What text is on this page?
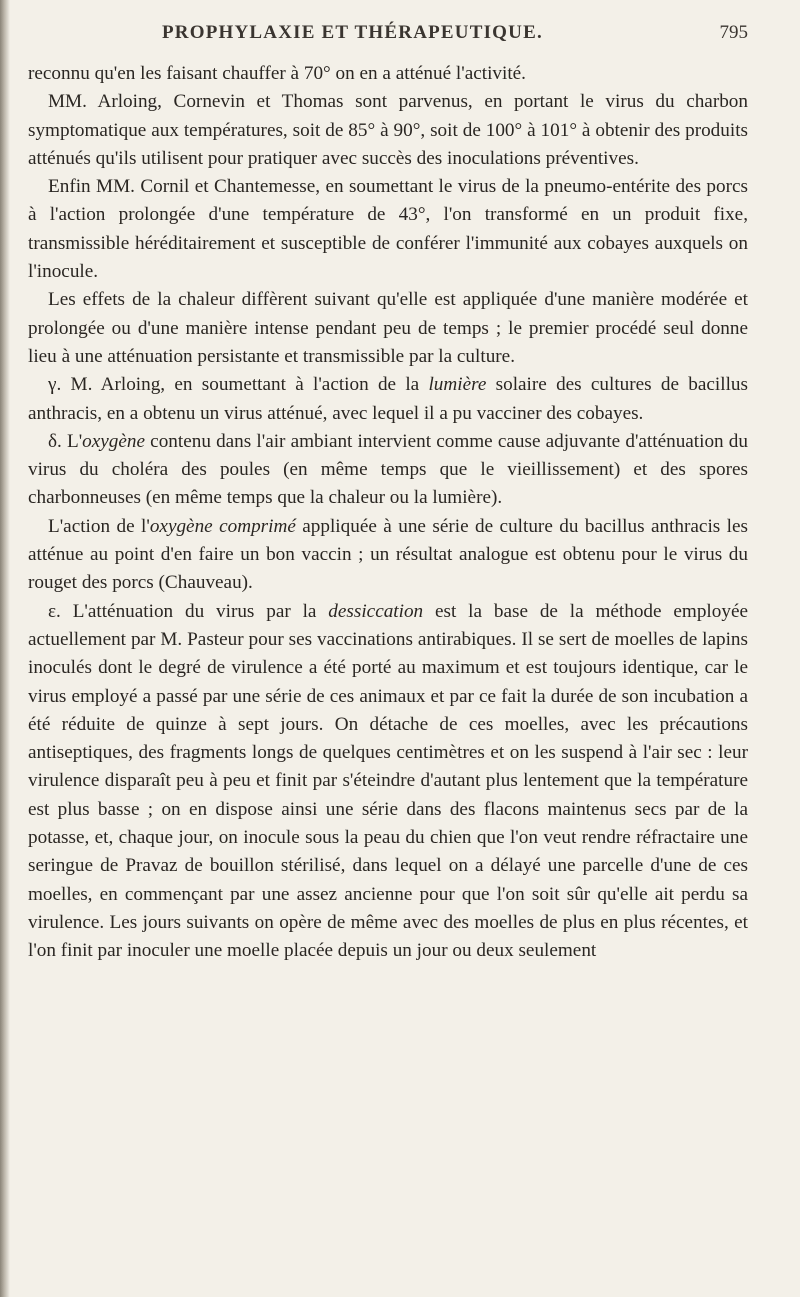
PROPHYLAXIE ET THÉRAPEUTIQUE.	795

reconnu qu'en les faisant chauffer à 70° on en a atténué l'activité.

MM. Arloing, Cornevin et Thomas sont parvenus, en portant le virus du charbon symptomatique aux températures, soit de 85° à 90°, soit de 100° à 101° à obtenir des produits atténués qu'ils utilisent pour pratiquer avec succès des inoculations préventives.

Enfin MM. Cornil et Chantemesse, en soumettant le virus de la pneumo-entérite des porcs à l'action prolongée d'une température de 43°, l'on transformé en un produit fixe, transmissible héréditairement et susceptible de conférer l'immunité aux cobayes auxquels on l'inocule.

Les effets de la chaleur diffèrent suivant qu'elle est appliquée d'une manière modérée et prolongée ou d'une manière intense pendant peu de temps ; le premier procédé seul donne lieu à une atténuation persistante et transmissible par la culture.

γ. M. Arloing, en soumettant à l'action de la lumière solaire des cultures de bacillus anthracis, en a obtenu un virus atténué, avec lequel il a pu vacciner des cobayes.

δ. L'oxygène contenu dans l'air ambiant intervient comme cause adjuvante d'atténuation du virus du choléra des poules (en même temps que le vieillissement) et des spores charbonneuses (en même temps que la chaleur ou la lumière).

L'action de l'oxygène comprimé appliquée à une série de culture du bacillus anthracis les atténue au point d'en faire un bon vaccin ; un résultat analogue est obtenu pour le virus du rouget des porcs (Chauveau).

ε. L'atténuation du virus par la dessiccation est la base de la méthode employée actuellement par M. Pasteur pour ses vaccinations antirabiques. Il se sert de moelles de lapins inoculés dont le degré de virulence a été porté au maximum et est toujours identique, car le virus employé a passé par une série de ces animaux et par ce fait la durée de son incubation a été réduite de quinze à sept jours. On détache de ces moelles, avec les précautions antiseptiques, des fragments longs de quelques centimètres et on les suspend à l'air sec : leur virulence disparaît peu à peu et finit par s'éteindre d'autant plus lentement que la température est plus basse ; on en dispose ainsi une série dans des flacons maintenus secs par de la potasse, et, chaque jour, on inocule sous la peau du chien que l'on veut rendre réfractaire une seringue de Pravaz de bouillon stérilisé, dans lequel on a délayé une parcelle d'une de ces moelles, en commençant par une assez ancienne pour que l'on soit sûr qu'elle ait perdu sa virulence. Les jours suivants on opère de même avec des moelles de plus en plus récentes, et l'on finit par inoculer une moelle placée depuis un jour ou deux seulement
